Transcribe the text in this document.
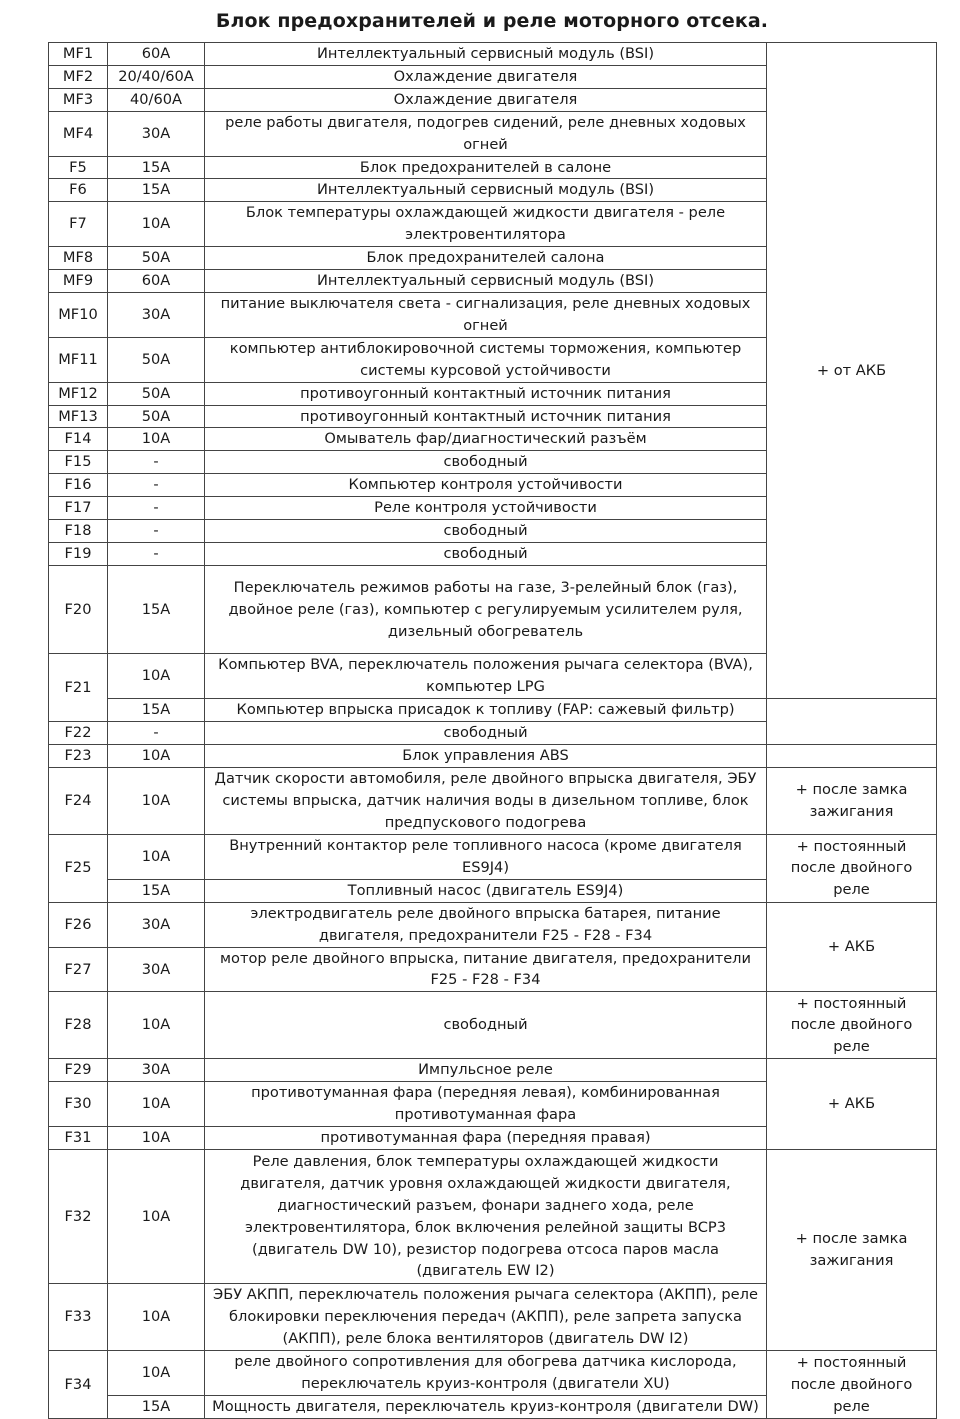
Блок предохранителей и реле моторного отсека.
MF1	60A	Интеллектуальный сервисный модуль (BSI)	+ от АКБ	
MF2	20/40/60A	Охлаждение двигателя		
MF3	40/60A	Охлаждение двигателя		
MF4	30A	реле работы двигателя, подогрев сидений, реле дневных ходовых огней		
F5	15A	Блок предохранителей в салоне		
F6	15A	Интеллектуальный сервисный модуль (BSI)		
F7	10A	Блок температуры охлаждающей жидкости двигателя - реле электровентилятора		
MF8	50A	Блок предохранителей салона		
MF9	60A	Интеллектуальный сервисный модуль (BSI)		
MF10	30A	питание выключателя света - сигнализация, реле дневных ходовых огней		
MF11	50A	компьютер антиблокировочной системы торможения, компьютер системы курсовой устойчивости		
MF12	50A	противоугонный контактный источник питания		
MF13	50A	противоугонный контактный источник питания		
F14	10A	Омыватель фар/диагностический разъём		
F15	-	свободный		
F16	-	Компьютер контроля устойчивости		
F17	-	Реле контроля устойчивости		
F18	-	свободный	
F19	-	свободный		
F20	15A	Переключатель режимов работы на газе, 3-релейный блок (газ), двойное реле (газ), компьютер с регулируемым усилителем руля, дизельный обогреватель	
F21	10A	Компьютер BVA, переключатель положения рычага селектора (BVA), компьютер LPG	
	15A	Компьютер впрыска присадок к топливу (FAP: сажевый фильтр)		
F22	-	свободный		
F23	10A	Блок управления ABS		
F24	10A	Датчик скорости автомобиля, реле двойного впрыска двигателя, ЭБУ системы впрыска, датчик наличия воды в дизельном топливе, блок предпускового подогрева	+ после замка зажигания	
F25	10A	Внутренний контактор реле топливного насоса (кроме двигателя ES9J4)	+ постоянный после двойного реле	
	15A	Топливный насос (двигатель ES9J4)		
F26	30A	электродвигатель реле двойного впрыска батарея, питание двигателя, предохранители F25 - F28 - F34	+ АКБ	
F27	30A	мотор реле двойного впрыска, питание двигателя, предохранители F25 - F28 - F34		
F28	10A	свободный	+ постоянный после двойного реле	
F29	30A	Импульсное реле	+ АКБ	
F30	10A	противотуманная фара (передняя левая), комбинированная противотуманная фара		
F31	10A	противотуманная фара (передняя правая)		
F32	10A	Реле давления, блок температуры охлаждающей жидкости двигателя, датчик уровня охлаждающей жидкости двигателя, диагностический разъем, фонари заднего хода, реле электровентилятора, блок включения релейной защиты BCP3 (двигатель DW 10), резистор подогрева отсоса паров масла (двигатель EW I2)	+ после замка зажигания	
F33	10A	ЭБУ АКПП, переключатель положения рычага селектора (АКПП), реле блокировки переключения передач (АКПП), реле запрета запуска (АКПП), реле блока вентиляторов (двигатель DW I2)		
F34	10A	реле двойного сопротивления для обогрева датчика кислорода, переключатель круиз-контроля (двигатели XU)	+ постоянный после двойного реле	
	15A	Мощность двигателя, переключатель круиз-контроля (двигатели DW)		
